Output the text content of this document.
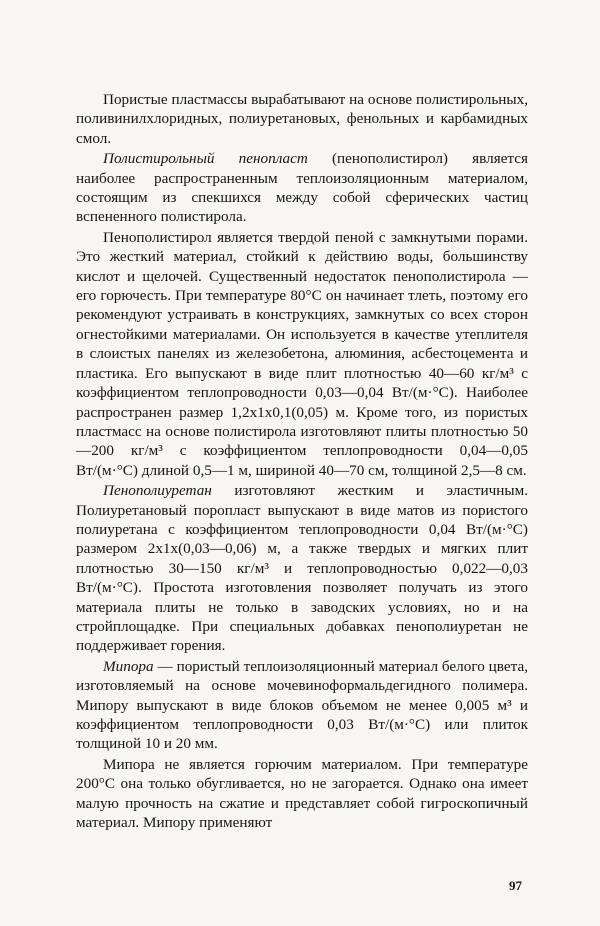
Пористые пластмассы вырабатывают на основе полистирольных, поливинилхлоридных, полиуретановых, фенольных и карбамидных смол.

Полистирольный пенопласт (пенополистирол) является наиболее распространенным теплоизоляционным материалом, состоящим из спекшихся между собой сферических частиц вспененного полистирола.

Пенополистирол является твердой пеной с замкнутыми порами. Это жесткий материал, стойкий к действию воды, большинству кислот и щелочей. Существенный недостаток пенополистирола — его горючесть. При температуре 80°С он начинает тлеть, поэтому его рекомендуют устраивать в конструкциях, замкнутых со всех сторон огнестойкими материалами. Он используется в качестве утеплителя в слоистых панелях из железобетона, алюминия, асбестоцемента и пластика. Его выпускают в виде плит плотностью 40—60 кг/м³ с коэффициентом теплопроводности 0,03—0,04 Вт/(м·°С). Наиболее распространен размер 1,2х1х0,1(0,05) м. Кроме того, из пористых пластмасс на основе полистирола изготовляют плиты плотностью 50—200 кг/м³ с коэффициентом теплопроводности 0,04—0,05 Вт/(м·°С) длиной 0,5—1 м, шириной 40—70 см, толщиной 2,5—8 см.

Пенополиуретан изготовляют жестким и эластичным. Полиуретановый поропласт выпускают в виде матов из пористого полиуретана с коэффициентом теплопроводности 0,04 Вт/(м·°С) размером 2х1х(0,03—0,06) м, а также твердых и мягких плит плотностью 30—150 кг/м³ и теплопроводностью 0,022—0,03 Вт/(м·°С). Простота изготовления позволяет получать из этого материала плиты не только в заводских условиях, но и на стройплощадке. При специальных добавках пенополиуретан не поддерживает горения.

Мипора — пористый теплоизоляционный материал белого цвета, изготовляемый на основе мочевиноформальдегидного полимера. Мипору выпускают в виде блоков объемом не менее 0,005 м³ и коэффициентом теплопроводности 0,03 Вт/(м·°С) или плиток толщиной 10 и 20 мм.

Мипора не является горючим материалом. При температуре 200°С она только обугливается, но не загорается. Однако она имеет малую прочность на сжатие и представляет собой гигроскопичный материал. Мипору применяют

97
